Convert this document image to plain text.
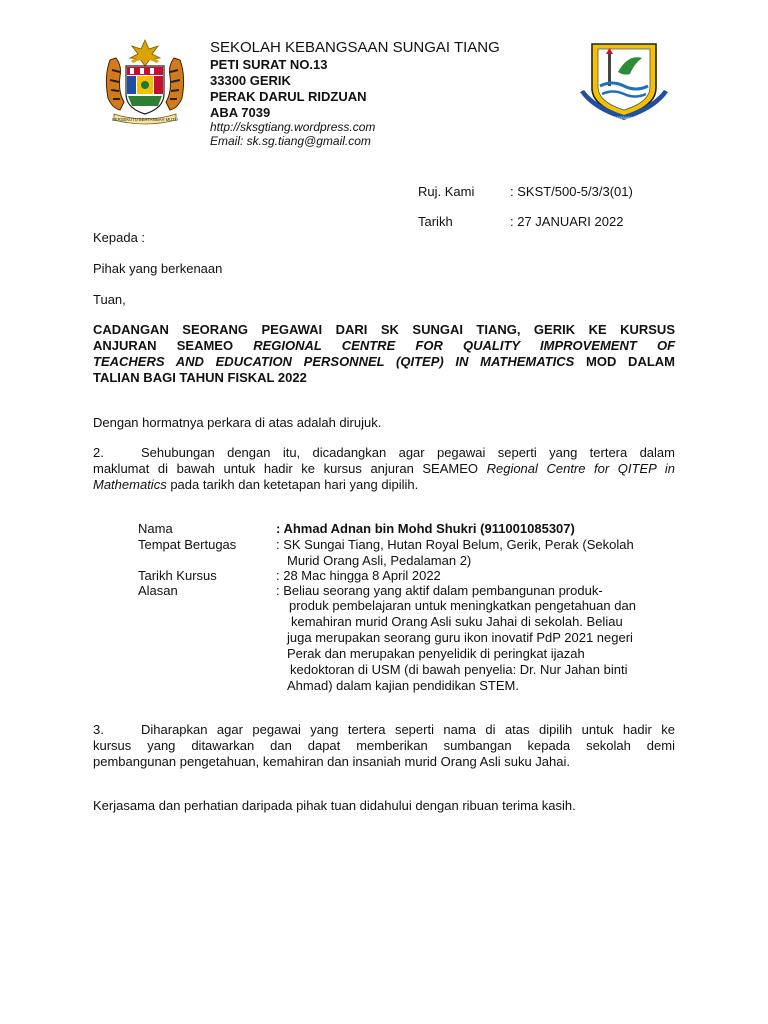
BERSEKUTU BERTAMBAH MUTU	SEKOLAH KEBANGSAAN SUNGAI TIANG
SEKOLAH KEBANGSAAN SUNGAI TIANG
PETI SURAT NO.13
33300 GERIK
PERAK DARUL RIDZUAN
ABA 7039
http://sksgtiang.wordpress.com
Email: sk.sg.tiang@gmail.com
Ruj. Kami	: SKST/500-5/3/3(01)
Tarikh	: 27 JANUARI 2022
Kepada :
Pihak yang berkenaan
Tuan,
CADANGAN SEORANG PEGAWAI DARI SK SUNGAI TIANG, GERIK KE KURSUS
ANJURAN SEAMEO REGIONAL CENTRE FOR QUALITY IMPROVEMENT OF
TEACHERS AND EDUCATION PERSONNEL (QITEP) IN MATHEMATICS MOD DALAM
TALIAN BAGI TAHUN FISKAL 2022
Dengan hormatnya perkara di atas adalah dirujuk.
2.	Sehubungan dengan itu, dicadangkan agar pegawai seperti yang tertera dalam
maklumat di bawah untuk hadir ke kursus anjuran SEAMEO Regional Centre for QITEP in
Mathematics pada tarikh dan ketetapan hari yang dipilih.
Nama	: Ahmad Adnan bin Mohd Shukri (911001085307)
Tempat Bertugas	: SK Sungai Tiang, Hutan Royal Belum, Gerik, Perak (Sekolah
Murid Orang Asli, Pedalaman 2)
Tarikh Kursus	: 28 Mac hingga 8 April 2022
Alasan	: Beliau seorang yang aktif dalam pembangunan produk-
produk pembelajaran untuk meningkatkan pengetahuan dan
kemahiran murid Orang Asli suku Jahai di sekolah. Beliau
juga merupakan seorang guru ikon inovatif PdP 2021 negeri
Perak dan merupakan penyelidik di peringkat ijazah
kedoktoran di USM (di bawah penyelia: Dr. Nur Jahan binti
Ahmad) dalam kajian pendidikan STEM.
3.	Diharapkan agar pegawai yang tertera seperti nama di atas dipilih untuk hadir ke
kursus yang ditawarkan dan dapat memberikan sumbangan kepada sekolah demi
pembangunan pengetahuan, kemahiran dan insaniah murid Orang Asli suku Jahai.
Kerjasama dan perhatian daripada pihak tuan didahului dengan ribuan terima kasih.
